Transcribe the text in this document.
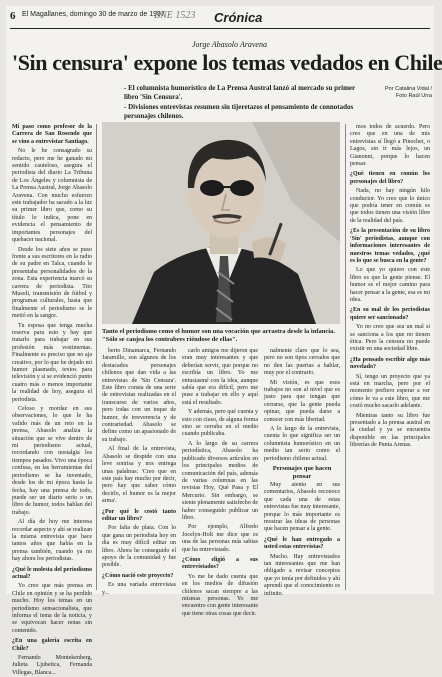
6 El Magallanes, domingo 30 de marzo de 1997
BNE 1523 Crónica
Jorge Abasolo Aravena
'Sin censura' expone los temas vedados en Chile

- El columnista humorístico de La Prensa Austral lanzó al mercado su primer libro 'Sin Censura'.

- Divisiones entrevistas resumen sin tijeretazos el pensamiento de connotados personajes chilenos.

Por Catalina Vidal / Foto Raúl Urra

Mi paso como profesor de la Carrera de San Rosendo que se vino a entrevistar Santiago.

No le he consagrado su redacto, pero me he ganado mi sentido cauteloso, asegura el periodista del diario La Tribuna de Los Ángeles y columnista de La Prensa Austral, Jorge Abasolo Aravena. Con mucho esfuerzo este trabajador ha sacado a la luz su primer libro que, como su título lo indica, pone en evidencia el pensamiento de importantes personajes del quehacer nacional.

Desde los siete años se puso frente a sus escritores en la radio de su padre en Talca, cuando le presentaba personalidades de la zona. Esta experiencia marcó su carrera de periodista. Tito Musoli, transmisión de fútbol y programas culturales, hasta que finalmente el periodismo se le metió en la sangre.

Tu esposa que tenga mucha reserva para esto y hay que tratarlo para trabajar en sus profesión más vestimentas. Finalmente es preciso que no aja creativo, por lo que he dejado mi humor plasmado, textos para televisión y si se evidenció punto cuatro más o menos importante la realidad de hoy, asegura el periodista.

Celoso y mordaz en sus observaciones, lo que le ha valido más de un reto en la prensa, Abasolo analiza la situación que se vive dentro de mi periodismo actual, recordando con nostalgia los tiempos pasados. Vivo una época confusa, en las herramientas del periodismo se ha inventado, desde los de mi época hasta la fecha, hay una prensa de todo, puede ser un diario serio o un libro de humor, todos hablan del trabajo.

Al día de hoy me interesa recordar aspecto y ahí se realizan la misma entrevista que hace tantos años que había en la prensa también, cuando ya no hay ahora los periodistas.

¿Qué le molesta del periodismo actual?

Yo creo que más prensa en Chile en opinión y se ha perdido mucho. Hoy los temas en un periodismo sensacionalista, que informa el tema de la noticia, y se equivocan hacer notas sin contenido.

¿En una galería escrita en Chile?

Fernando Montekenberg, Julieta Ljubetica, Fernanda Villegas, Blanca...

Tanto el periodismo como el humor son una vocación que arrastra desde la infancia. "Sólo se canjea los contrabres riéndose de ellas".

berto Dinamarca, Fernando Jaramillo, son algunos de los destacados personajes chilenos que dan vida a las entrevistas de 'Sin Censura'. Este libro consta de una serie de entrevistas realizadas en el transcurso de varios años, pero todas con un toque de humor, de irreverencia y de contrariedad. Abasolo se define como un apasionado de su trabajo.

Al final de la entrevista, Abasolo se despide con una leve sonrisa y nos entrega unas palabras: 'Creo que en este país hay mucho por decir, pero hay que saber cómo decirlo, el humor es la mejor arma'.

¿Por qué le costó tanto editar un libro?

Por falta de plata. Con lo que gana un periodista hoy en día es muy difícil editar un libro. Ahora he conseguido el apoyo de la comunidad y fue posible.

¿Cómo nació este proyecto?

Es una variada entrevistas y...

carlo amigos me dijeron que eran muy interesantes y que deberían servir, que porque no escribía un libro. Yo me entusiasmé con la idea, aunque sabía que era difícil, pero me puse a trabajar en ello y aquí está el resultado.

Y además, pero qué cuenta y esto con ciuso, de alguna forma sino se cerraba en el medio cuando publicaba.

A lo largo de su carrera periodística, Abasolo ha publicado diversos artículos en los principales medios de comunicación del país, además de varias columnas en las revistas Hoy, Qué Pasa y El Mercurio. Sin embargo, se siente plenamente satisfecho de haber conseguido publicar un libro.

Por ejemplo, Alfredo Jocelyn-Holt me dice que es una de las personas más sabias que ha entrevistado.

¿Cómo eligió a sus entrevistados?

Yo me he dado cuenta que en los medios de difusión chilenos sacan siempre a las mismas personas. Yo me encuentro con gente interesante que tiene otras cosas que decir.

nalmente claro que lo sea, pero no son tipos cerrados que no den las puertas a hablar, muy por el contrario.

Mi visión, es que esos trabajos no son al nivel que es justo para que tengan que cerrarse, que la gente pueda opinar, que pueda darse a conocer con más libertad.

A lo largo de la entrevista, cuenta lo que significa ser un columnista humorístico en un medio tan serio como el periodismo chileno actual.

Personajes que hacen pensar

Muy atento en sus comentarios, Abasolo reconoce que cada una de estas entrevistas fue muy interesante, porque lo más importante es mostrar las ideas de personas que hacen pensar a la gente.

¿Qué le han entregado a usted estas entrevistas?

Mucho. Hay entrevistados tan interesantes que me han obligado a revisar conceptos que yo tenía por definidos y ahí aprendí que el conocimiento es infinito.

mos todos de acuerdo. Pero creo que en una de mis entrevistas sí llegó a Pinochet, o Lagos, sin ir más lejos, un Gianonni, porque lo hacen pensar.

¿Qué tienen en común los personajes del libro?

Nada, no hay ningún hilo conductor. Yo creo que lo único que podría tener en común es que todos tienen una visión libre de la realidad del país.

¿Es la presentación de su libro 'Sin' periodistas, aunque con informaciones interesantes de nuestros temas vedados, ¿qué es lo que se busca en la gente?

Lo que yo quiero con este libro es que la gente piense. El humor es el mejor camino para hacer pensar a la gente, esa es mi idea.

¿En su mal de los periodistas quiere ser sancionado?

Yo no creo que sea un mal si se sanciona a los que no tienen ética. Pero la censura no puede existir en una sociedad libre.

¿Ha pensado escribir algo más novelado?

Sí, tengo un proyecto que ya está en marcha, pero por el momento prefiero esperar a ver cómo le va a este libro, que me costó mucho sacarlo adelante.

Mientras tanto su libro fue presentado a la prensa austral en la ciudad y ya se encuentra disponible en las principales librerías de Punta Arenas.
